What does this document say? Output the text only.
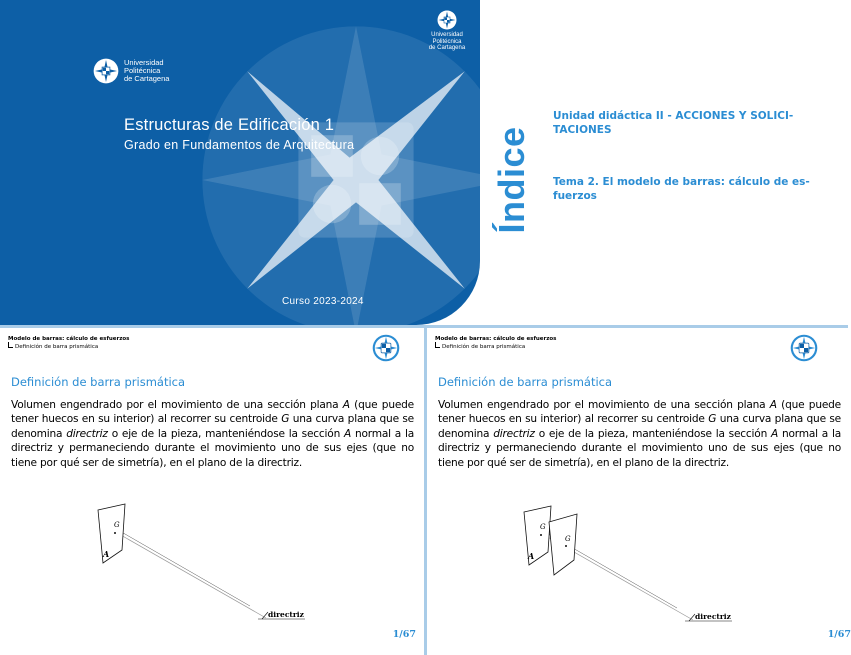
Universidad
Politécnica
de Cartagena
Universidad
Politécnica
de Cartagena
Estructuras de Edificación 1
Grado en Fundamentos de Arquitectura
Curso 2023-2024
Índice
Unidad didáctica II - ACCIONES Y SOLICI-TACIONES
Tema 2. El modelo de barras: cálculo de es-fuerzos
Modelo de barras: cálculo de esfuerzos
Definición de barra prismática
Definición de barra prismática
Volumen engendrado por el movimiento de una sección plana A (que puede tener huecos en su interior) al recorrer su centroide G una curva plana que se denomina directriz o eje de la pieza, manteniéndose la sección A normal a la directriz y permaneciendo durante el movimiento uno de sus ejes (que no tiene por qué ser de simetría), en el plano de la directriz.
G
A
directriz
1/67
Modelo de barras: cálculo de esfuerzos
Definición de barra prismática
Definición de barra prismática
Volumen engendrado por el movimiento de una sección plana A (que puede tener huecos en su interior) al recorrer su centroide G una curva plana que se denomina directriz o eje de la pieza, manteniéndose la sección A normal a la directriz y permaneciendo durante el movimiento uno de sus ejes (que no tiene por qué ser de simetría), en el plano de la directriz.
G
G
A
directriz
1/67
